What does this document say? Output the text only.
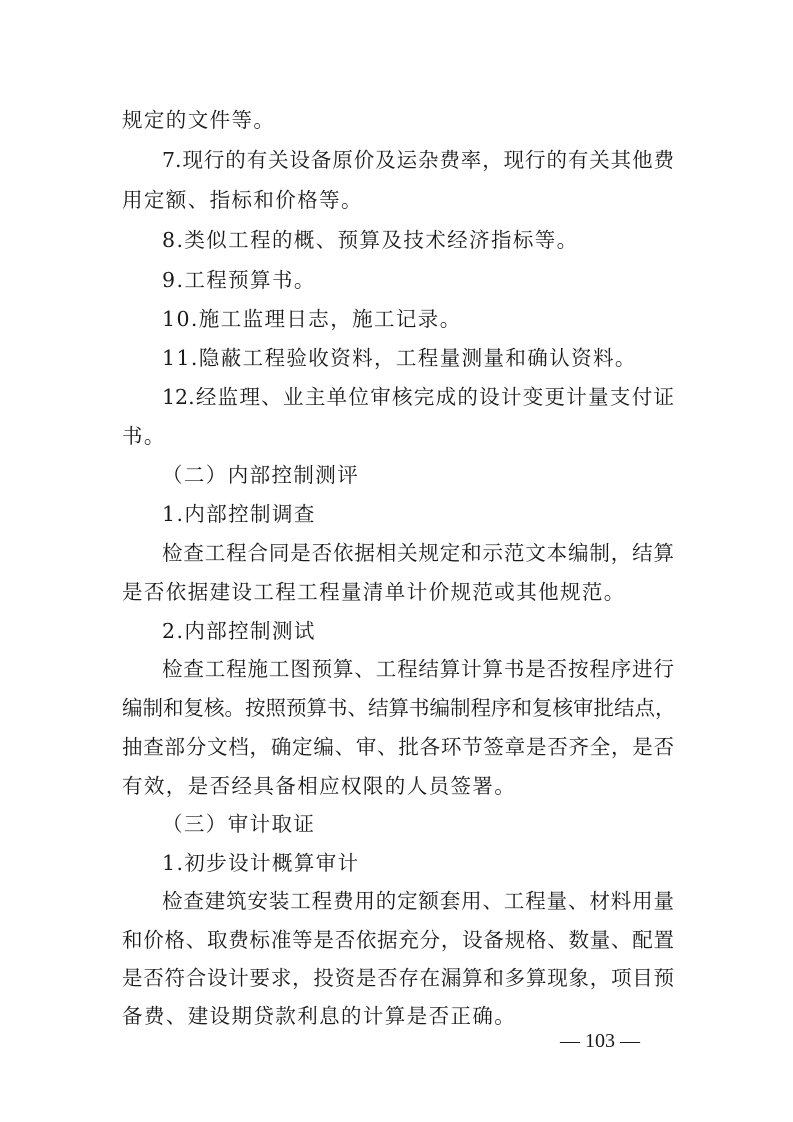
规定的文件等。
7.现行的有关设备原价及运杂费率，现行的有关其他费
用定额、指标和价格等。
8.类似工程的概、预算及技术经济指标等。
9.工程预算书。
10.施工监理日志，施工记录。
11.隐蔽工程验收资料，工程量测量和确认资料。
12.经监理、业主单位审核完成的设计变更计量支付证
书。
（二）内部控制测评
1.内部控制调查
检查工程合同是否依据相关规定和示范文本编制，结算
是否依据建设工程工程量清单计价规范或其他规范。
2.内部控制测试
检查工程施工图预算、工程结算计算书是否按程序进行
编制和复核。按照预算书、结算书编制程序和复核审批结点，
抽查部分文档，确定编、审、批各环节签章是否齐全，是否
有效，是否经具备相应权限的人员签署。
（三）审计取证
1.初步设计概算审计
检查建筑安装工程费用的定额套用、工程量、材料用量
和价格、取费标准等是否依据充分，设备规格、数量、配置
是否符合设计要求，投资是否存在漏算和多算现象，项目预
备费、建设期贷款利息的计算是否正确。
— 103 —
